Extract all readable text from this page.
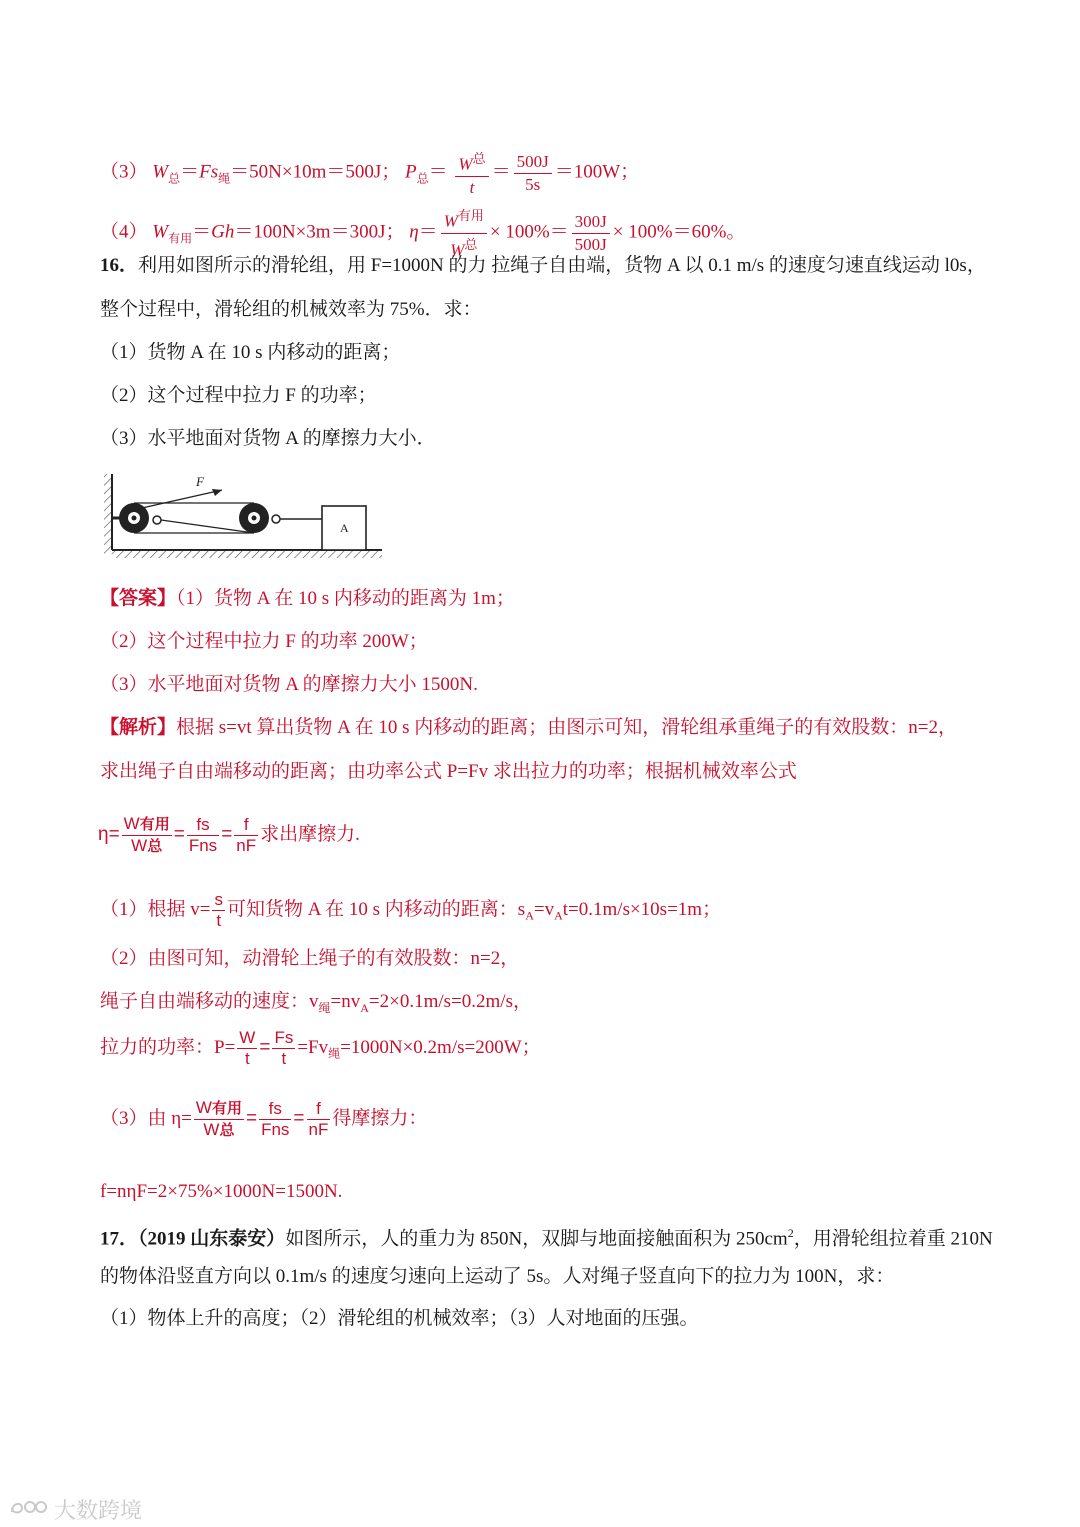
（3） $W_总=Fs_绳=50N\times 10m=500J$； $P_总= \frac{W^总}{t} = \frac{500J}{5s} =100W$；
（4） $W_{有用}=Gh=100N\times 3m=300J$； $\eta= \frac{W^{有用}}{W^总} \times 100\%= \frac{300J}{500J} \times 100\%=60\%$。
16．利用如图所示的滑轮组，用 F=1000N 的力 拉绳子自由端，货物 A 以 0.1 m/s 的速度匀速直线运动 l0s，
整个过程中，滑轮组的机械效率为 75%．求：
（1）货物 A 在 10 s 内移动的距离；
（2）这个过程中拉力 F 的功率；
（3）水平地面对货物 A 的摩擦力大小．
F
A
【答案】（1）货物 A 在 10 s 内移动的距离为 1m；
（2）这个过程中拉力 F 的功率 200W；
（3）水平地面对货物 A 的摩擦力大小 1500N.
【解析】根据 s=vt 算出货物 A 在 10 s 内移动的距离；由图示可知，滑轮组承重绳子的有效股数：n=2，
求出绳子自由端移动的距离；由功率公式 P=Fv 求出拉力的功率；根据机械效率公式
$\eta= \frac{\text{W有用}}{\text{W总}} = \frac{fs}{\text{Fns}} = \frac{f}{nF}$ 求出摩擦力.
（1）根据 $v= \frac{s}{t}$ 可知货物 A 在 10 s 内移动的距离：$s_A=v_At=0.1m/s\times 10s=1m$；
（2）由图可知，动滑轮上绳子的有效股数：n=2，
绳子自由端移动的速度：$v_绳=nv_A=2\times 0.1m/s=0.2m/s$，
拉力的功率：$P= \frac{W}{t} = \frac{Fs}{t} =Fv_绳=1000N\times 0.2m/s=200W$；
（3）由 $\eta= \frac{\text{W有用}}{\text{W总}} = \frac{fs}{\text{Fns}} = \frac{f}{nF}$ 得摩擦力：
f=nηF=2×75%×1000N=1500N.
17．（2019 山东泰安）如图所示，人的重力为 850N，双脚与地面接触面积为 $250cm^2$，用滑轮组拉着重 210N
的物体沿竖直方向以 0.1m/s 的速度匀速向上运动了 5s。人对绳子竖直向下的拉力为 100N，求：
（1）物体上升的高度；（2）滑轮组的机械效率；（3）人对地面的压强。
大数跨境
